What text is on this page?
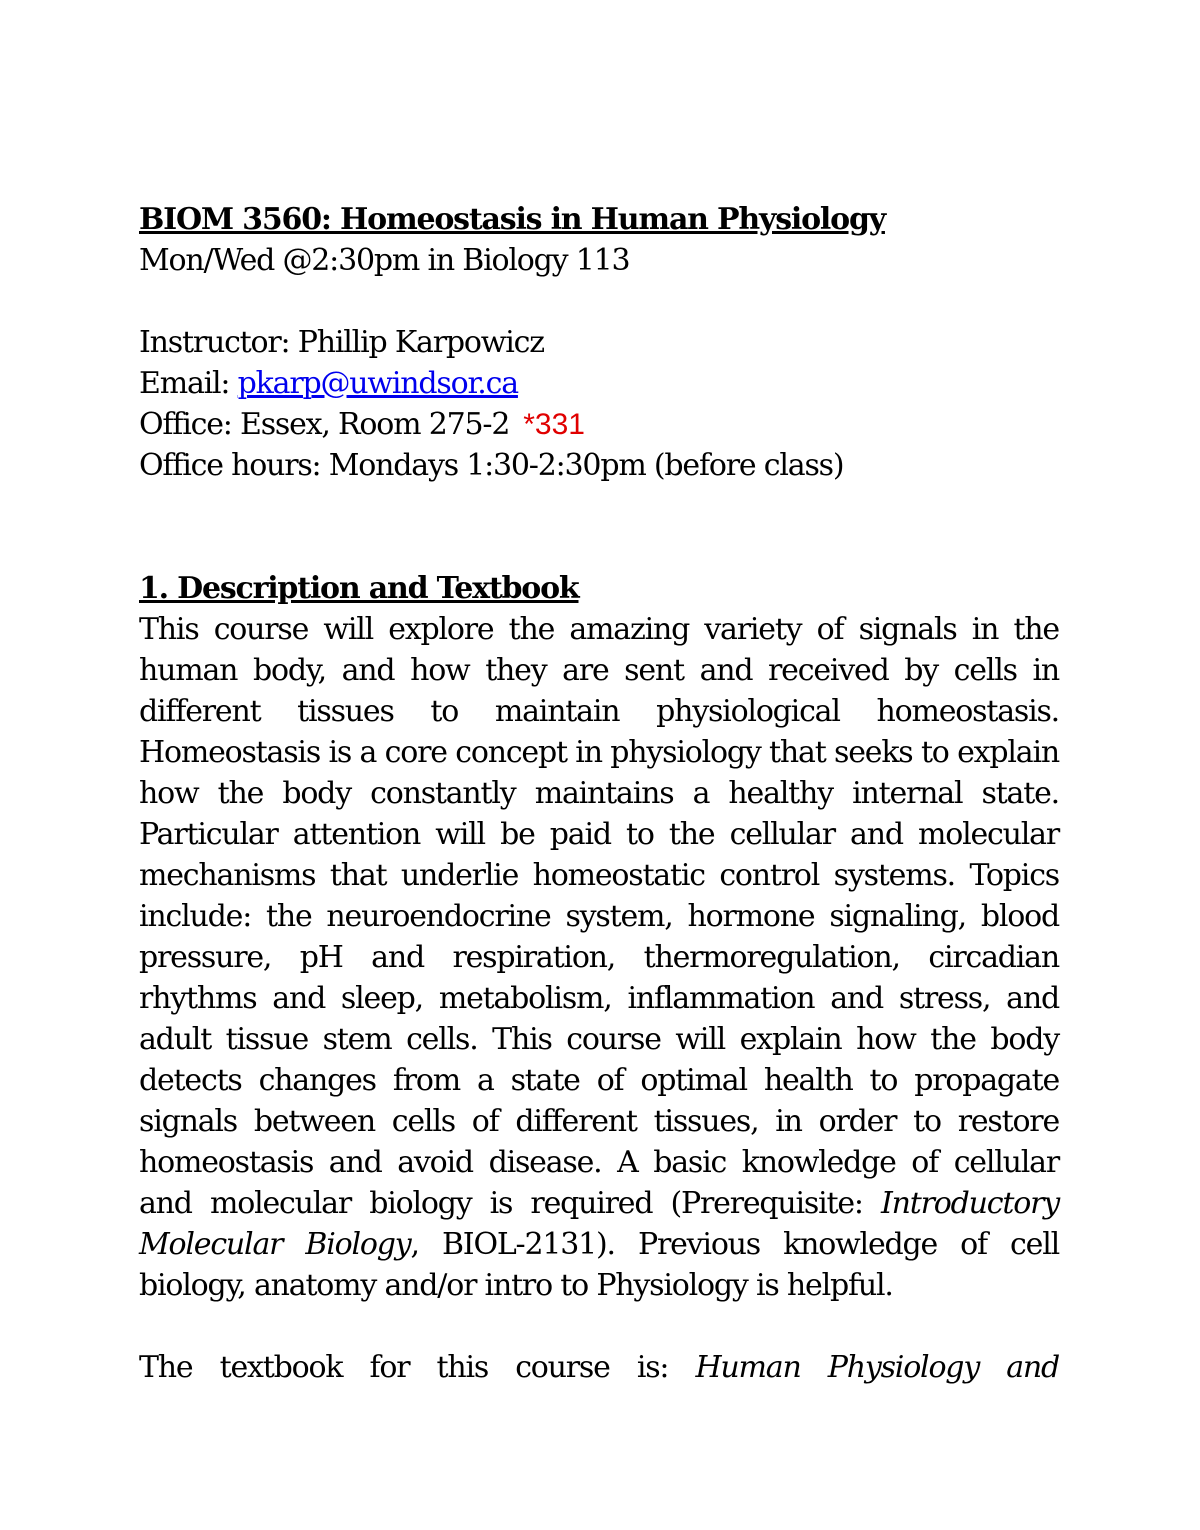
BIOM 3560: Homeostasis in Human Physiology
Mon/Wed @2:30pm in Biology 113
Instructor: Phillip Karpowicz
Email: pkarp@uwindsor.ca
Office: Essex, Room 275-2 *331
Office hours: Mondays 1:30-2:30pm (before class)
1. Description and Textbook
This course will explore the amazing variety of signals in the human body, and how they are sent and received by cells in different tissues to maintain physiological homeostasis. Homeostasis is a core concept in physiology that seeks to explain how the body constantly maintains a healthy internal state. Particular attention will be paid to the cellular and molecular mechanisms that underlie homeostatic control systems. Topics include: the neuroendocrine system, hormone signaling, blood pressure, pH and respiration, thermoregulation, circadian rhythms and sleep, metabolism, inflammation and stress, and adult tissue stem cells. This course will explain how the body detects changes from a state of optimal health to propagate signals between cells of different tissues, in order to restore homeostasis and avoid disease. A basic knowledge of cellular and molecular biology is required (Prerequisite: Introductory Molecular Biology, BIOL-2131). Previous knowledge of cell biology, anatomy and/or intro to Physiology is helpful.
The textbook for this course is: Human Physiology and
